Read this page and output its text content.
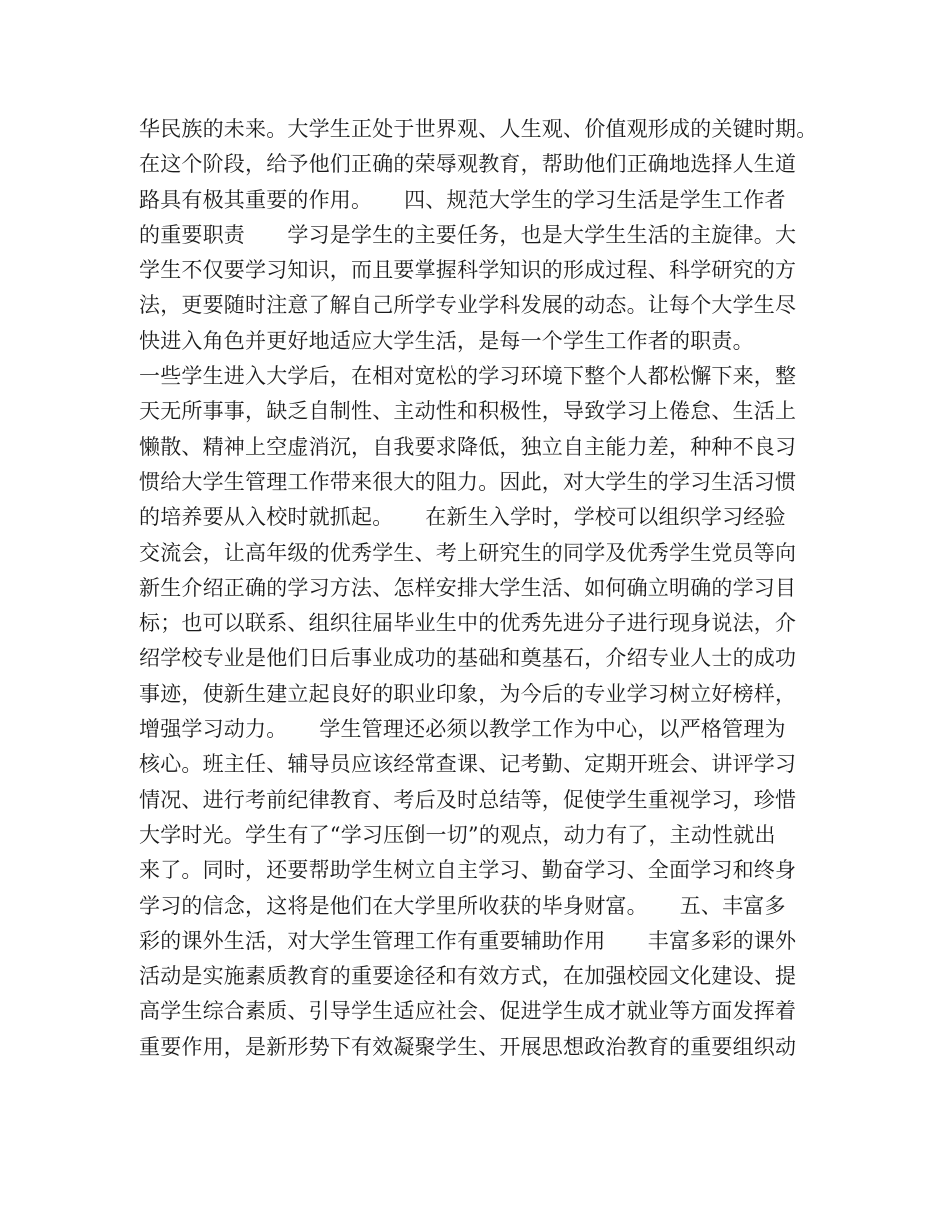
华民族的未来。大学生正处于世界观、人生观、价值观形成的关键时期。
在这个阶段，给予他们正确的荣辱观教育，帮助他们正确地选择人生道
路具有极其重要的作用。　　四、规范大学生的学习生活是学生工作者
的重要职责　　学习是学生的主要任务，也是大学生生活的主旋律。大
学生不仅要学习知识，而且要掌握科学知识的形成过程、科学研究的方
法，更要随时注意了解自己所学专业学科发展的动态。让每个大学生尽
快进入角色并更好地适应大学生活，是每一个学生工作者的职责。
一些学生进入大学后，在相对宽松的学习环境下整个人都松懈下来，整
天无所事事，缺乏自制性、主动性和积极性，导致学习上倦怠、生活上
懒散、精神上空虚消沉，自我要求降低，独立自主能力差，种种不良习
惯给大学生管理工作带来很大的阻力。因此，对大学生的学习生活习惯
的培养要从入校时就抓起。　　在新生入学时，学校可以组织学习经验
交流会，让高年级的优秀学生、考上研究生的同学及优秀学生党员等向
新生介绍正确的学习方法、怎样安排大学生活、如何确立明确的学习目
标；也可以联系、组织往届毕业生中的优秀先进分子进行现身说法，介
绍学校专业是他们日后事业成功的基础和奠基石，介绍专业人士的成功
事迹，使新生建立起良好的职业印象，为今后的专业学习树立好榜样，
增强学习动力。　　学生管理还必须以教学工作为中心，以严格管理为
核心。班主任、辅导员应该经常查课、记考勤、定期开班会、讲评学习
情况、进行考前纪律教育、考后及时总结等，促使学生重视学习，珍惜
大学时光。学生有了“学习压倒一切”的观点，动力有了，主动性就出
来了。同时，还要帮助学生树立自主学习、勤奋学习、全面学习和终身
学习的信念，这将是他们在大学里所收获的毕身财富。　　五、丰富多
彩的课外生活，对大学生管理工作有重要辅助作用　　丰富多彩的课外
活动是实施素质教育的重要途径和有效方式，在加强校园文化建设、提
高学生综合素质、引导学生适应社会、促进学生成才就业等方面发挥着
重要作用，是新形势下有效凝聚学生、开展思想政治教育的重要组织动
